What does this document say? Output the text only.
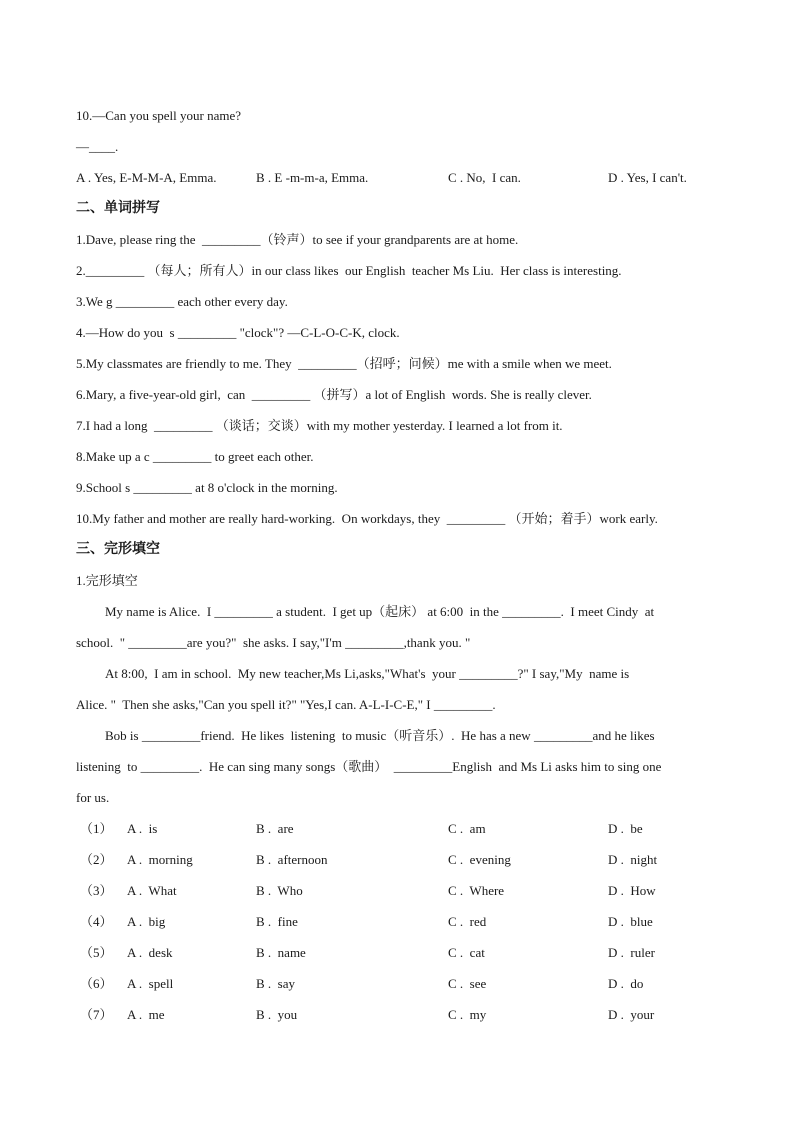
10.—Can you spell your name?
—____.
A . Yes, E-M-M-A, Emma.	B . E -m-m-a, Emma.	C . No,  I can.	D . Yes, I can't.
二、单词拼写
1.Dave, please ring the  _________（铃声）to see if your grandparents are at home.
2._________ （每人；所有人）in our class likes  our English  teacher Ms Liu.  Her class is interesting.
3.We g _________ each other every day.
4.—How do you  s _________ "clock"? —C-L-O-C-K, clock.
5.My classmates are friendly to me. They  _________（招呼；问候）me with a smile when we meet.
6.Mary, a five-year-old girl,  can  _________ （拼写）a lot of English  words. She is really clever.
7.I had a long  _________ （谈话；交谈）with my mother yesterday. I learned a lot from it.
8.Make up a c _________ to greet each other.
9.School s _________ at 8 o'clock in the morning.
10.My father and mother are really hard-working.  On workdays, they  _________ （开始；着手）work early.
三、完形填空
1.完形填空
My name is Alice.  I _________ a student.  I get up（起床） at 6:00  in the _________.  I meet Cindy  at
school.  " _________are you?"  she asks. I say,"I'm _________,thank you. "
At 8:00,  I am in school.  My new teacher,Ms Li,asks,"What's  your _________?" I say,"My  name is
Alice. "  Then she asks,"Can you spell it?" "Yes,I can. A-L-I-C-E," I _________.
Bob is _________friend.  He likes  listening  to music（听音乐）.  He has a new _________and he likes
listening  to _________.  He can sing many songs（歌曲）  _________English  and Ms Li asks him to sing one
for us.
（1） A .  is	B .  are	C .  am	D .  be
（2） A .  morning	B .  afternoon	C .  evening	D .  night
（3） A .  What	B .  Who	C .  Where	D .  How
（4） A .  big	B .  fine	C .  red	D .  blue
（5） A .  desk	B .  name	C .  cat	D .  ruler
（6） A .  spell	B .  say	C .  see	D .  do
（7） A .  me	B .  you	C .  my	D .  your
